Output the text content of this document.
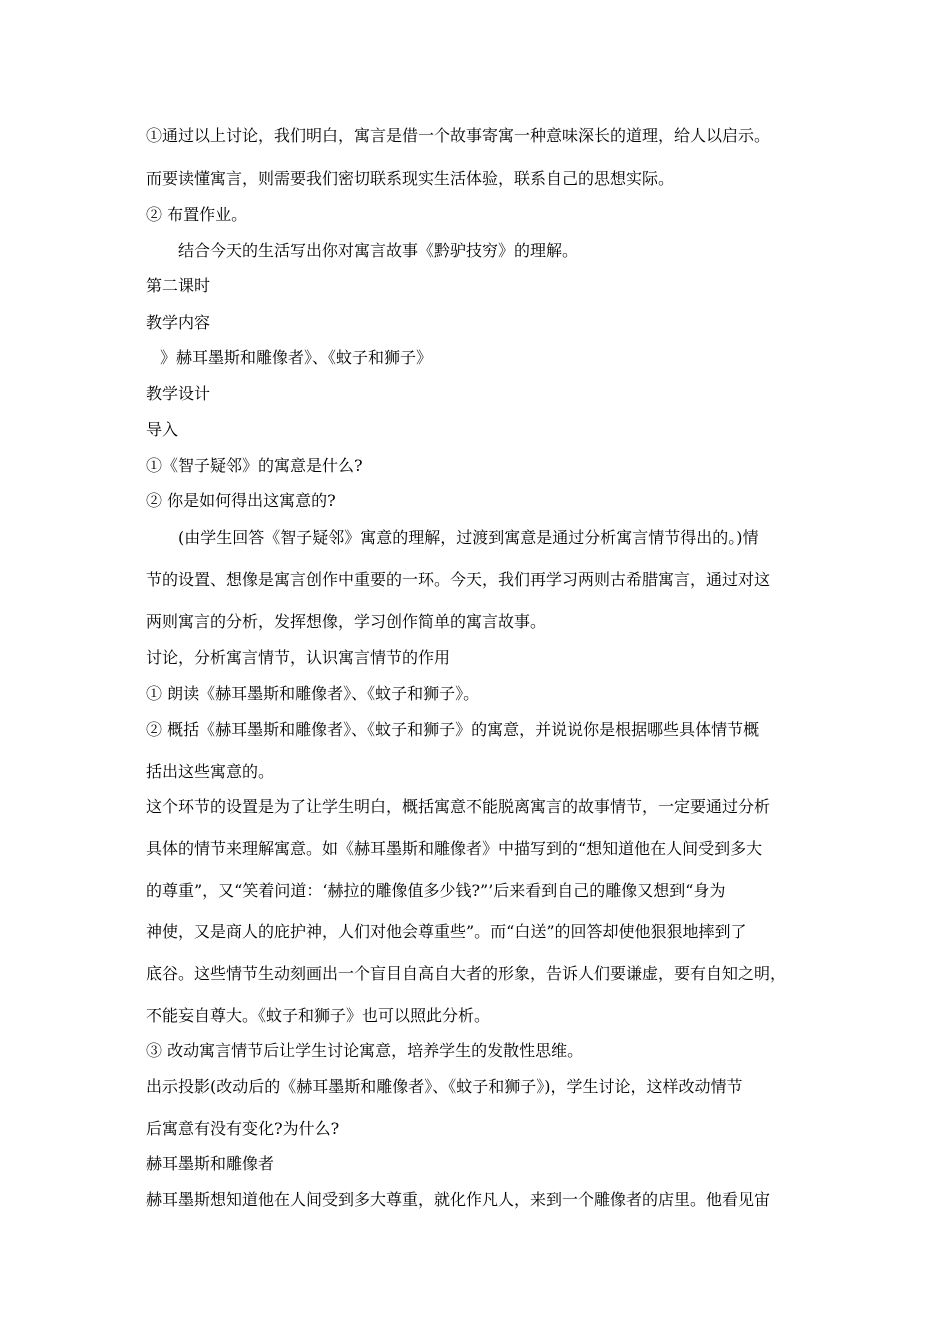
①通过以上讨论，我们明白，寓言是借一个故事寄寓一种意味深长的道理，给人以启示。
而要读懂寓言，则需要我们密切联系现实生活体验，联系自己的思想实际。
② 布置作业。
结合今天的生活写出你对寓言故事《黔驴技穷》的理解。
第二课时
教学内容
》赫耳墨斯和雕像者》、《蚊子和狮子》
教学设计
导入
①《智子疑邻》的寓意是什么?
② 你是如何得出这寓意的?
(由学生回答《智子疑邻》寓意的理解，过渡到寓意是通过分析寓言情节得出的。)情
节的设置、想像是寓言创作中重要的一环。今天，我们再学习两则古希腊寓言，通过对这
两则寓言的分析，发挥想像，学习创作简单的寓言故事。
讨论，分析寓言情节，认识寓言情节的作用
① 朗读《赫耳墨斯和雕像者》、《蚊子和狮子》。
② 概括《赫耳墨斯和雕像者》、《蚊子和狮子》的寓意，并说说你是根据哪些具体情节概
括出这些寓意的。
这个环节的设置是为了让学生明白，概括寓意不能脱离寓言的故事情节，一定要通过分析
具体的情节来理解寓意。如《赫耳墨斯和雕像者》中描写到的“想知道他在人间受到多大
的尊重”，又“笑着问道：‘赫拉的雕像值多少钱?”’后来看到自己的雕像又想到“身为
神使，又是商人的庇护神，人们对他会尊重些”。而“白送”的回答却使他狠狠地摔到了
底谷。这些情节生动刻画出一个盲目自高自大者的形象，告诉人们要谦虚，要有自知之明，
不能妄自尊大。《蚊子和狮子》也可以照此分析。
③ 改动寓言情节后让学生讨论寓意，培养学生的发散性思维。
出示投影(改动后的《赫耳墨斯和雕像者》、《蚊子和狮子》)，学生讨论，这样改动情节
后寓意有没有变化?为什么?
赫耳墨斯和雕像者
赫耳墨斯想知道他在人间受到多大尊重，就化作凡人，来到一个雕像者的店里。他看见宙
